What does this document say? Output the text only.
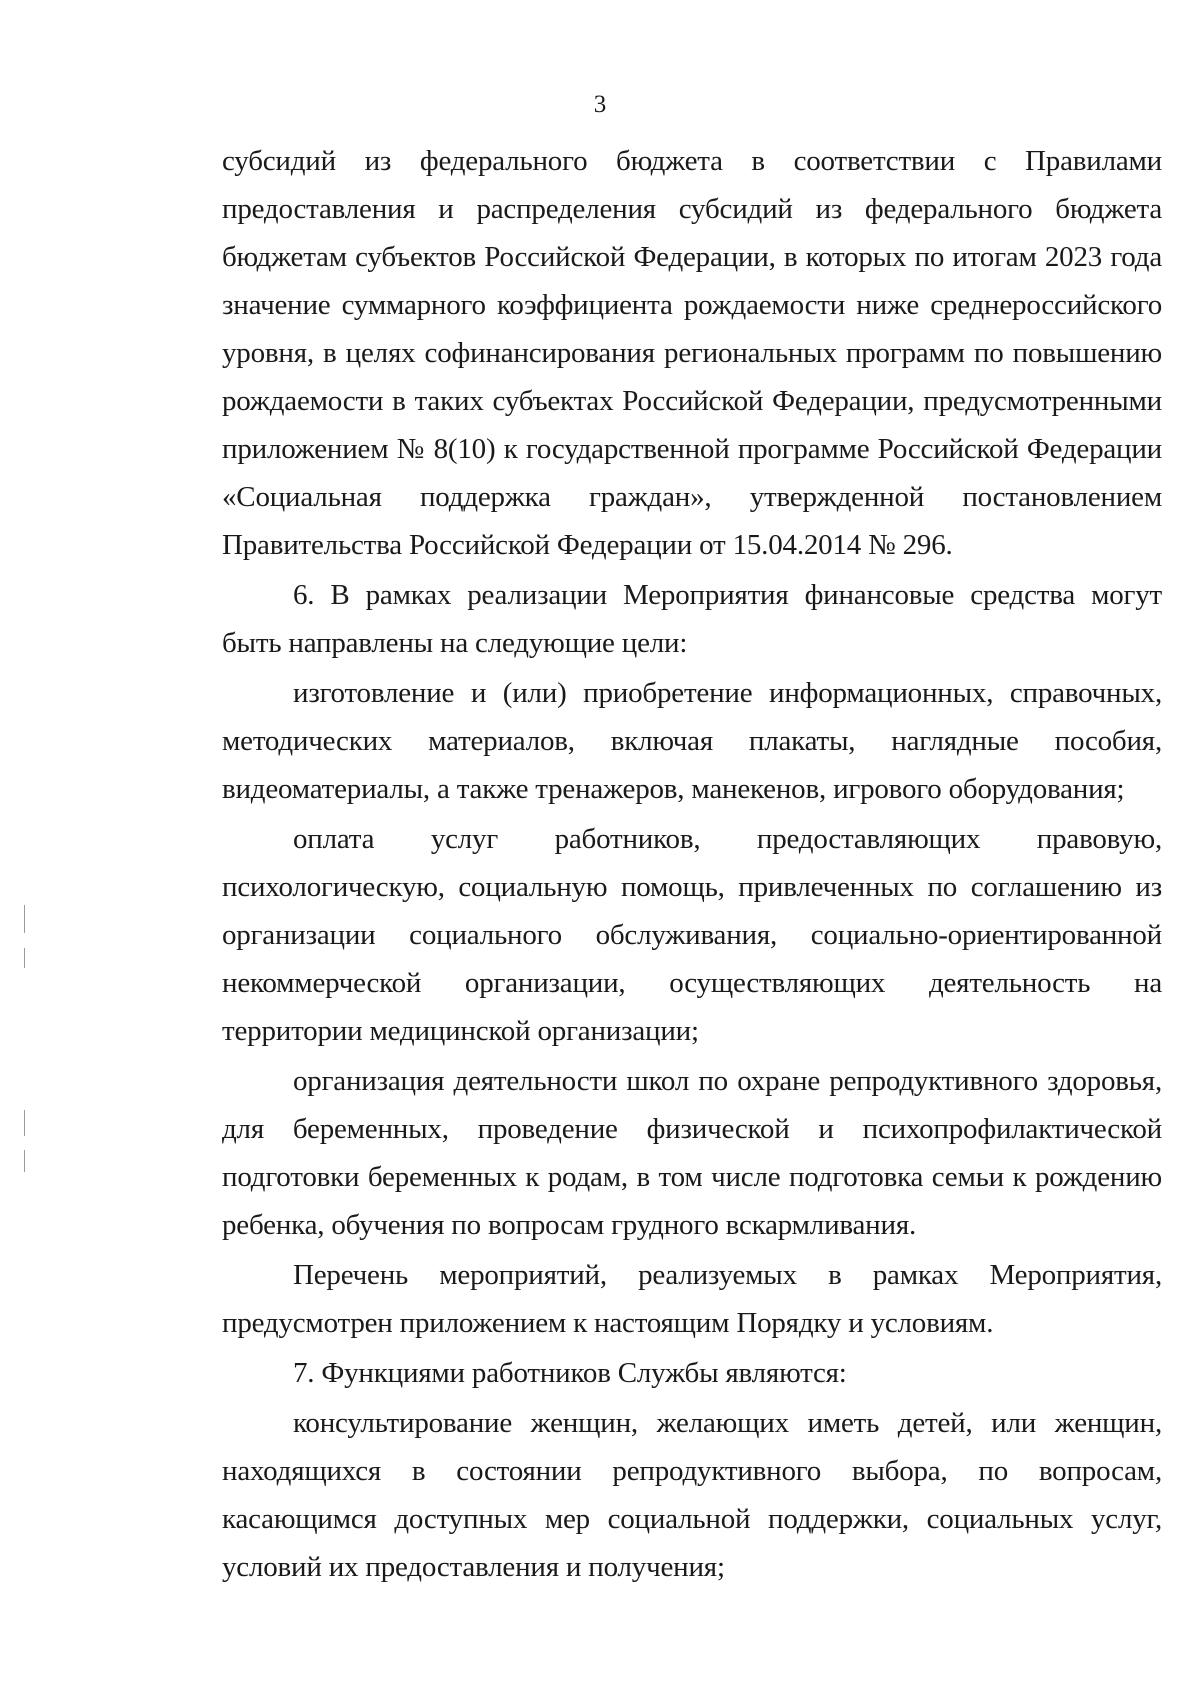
3

субсидий из федерального бюджета в соответствии с Правилами предоставления и распределения субсидий из федерального бюджета бюджетам субъектов Российской Федерации, в которых по итогам 2023 года значение суммарного коэффициента рождаемости ниже среднероссийского уровня, в целях софинансирования региональных программ по повышению рождаемости в таких субъектах Российской Федерации, предусмотренными приложением № 8(10) к государственной программе Российской Федерации «Социальная поддержка граждан», утвержденной постановлением Правительства Российской Федерации от 15.04.2014 № 296.

6. В рамках реализации Мероприятия финансовые средства могут быть направлены на следующие цели:

изготовление и (или) приобретение информационных, справочных, методических материалов, включая плакаты, наглядные пособия, видеоматериалы, а также тренажеров, манекенов, игрового оборудования;

оплата услуг работников, предоставляющих правовую, психологическую, социальную помощь, привлеченных по соглашению из организации социального обслуживания, социально-ориентированной некоммерческой организации, осуществляющих деятельность на территории медицинской организации;

организация деятельности школ по охране репродуктивного здоровья, для беременных, проведение физической и психопрофилактической подготовки беременных к родам, в том числе подготовка семьи к рождению ребенка, обучения по вопросам грудного вскармливания.

Перечень мероприятий, реализуемых в рамках Мероприятия, предусмотрен приложением к настоящим Порядку и условиям.

7. Функциями работников Службы являются:

консультирование женщин, желающих иметь детей, или женщин, находящихся в состоянии репродуктивного выбора, по вопросам, касающимся доступных мер социальной поддержки, социальных услуг, условий их предоставления и получения;
